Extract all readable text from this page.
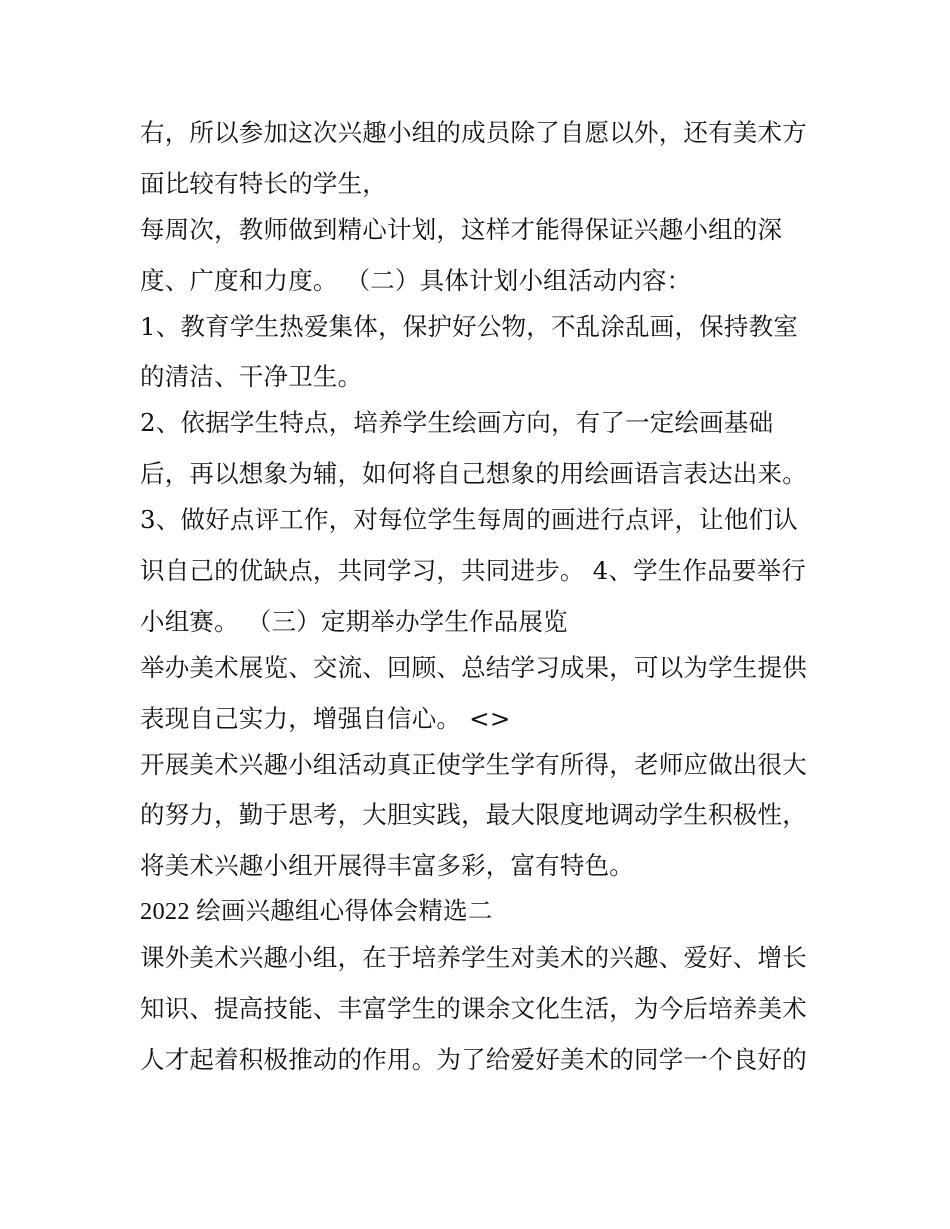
右，所以参加这次兴趣小组的成员除了自愿以外，还有美术方
面比较有特长的学生，
每周次，教师做到精心计划，这样才能得保证兴趣小组的深
度、广度和力度。 （二）具体计划小组活动内容：
1、教育学生热爱集体，保护好公物，不乱涂乱画，保持教室
的清洁、干净卫生。
2、依据学生特点，培养学生绘画方向，有了一定绘画基础
后，再以想象为辅，如何将自己想象的用绘画语言表达出来。
3、做好点评工作，对每位学生每周的画进行点评，让他们认
识自己的优缺点，共同学习，共同进步。 4、学生作品要举行
小组赛。 （三）定期举办学生作品展览
举办美术展览、交流、回顾、总结学习成果，可以为学生提供
表现自己实力，增强自信心。 <>
开展美术兴趣小组活动真正使学生学有所得，老师应做出很大
的努力，勤于思考，大胆实践，最大限度地调动学生积极性，
将美术兴趣小组开展得丰富多彩，富有特色。
2022 绘画兴趣组心得体会精选二
课外美术兴趣小组，在于培养学生对美术的兴趣、爱好、增长
知识、提高技能、丰富学生的课余文化生活，为今后培养美术
人才起着积极推动的作用。为了给爱好美术的同学一个良好的
